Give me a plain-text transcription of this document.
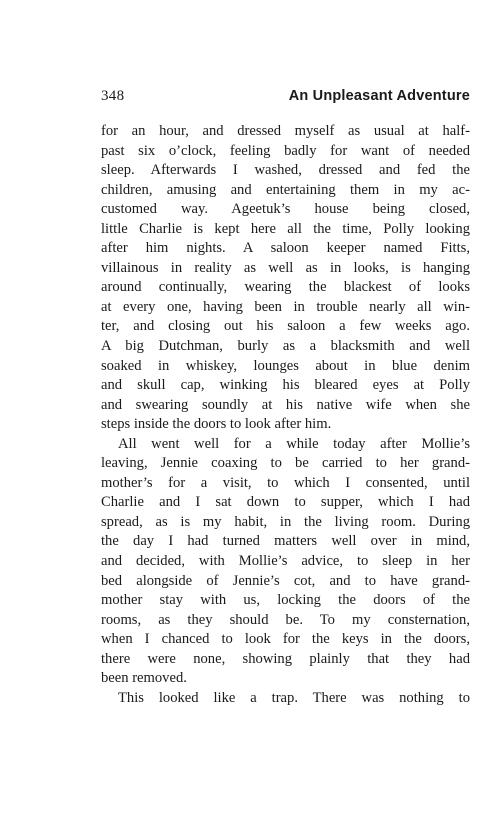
348	An Unpleasant Adventure
for an hour, and dressed myself as usual at half-
past six o’clock, feeling badly for want of needed
sleep. Afterwards I washed, dressed and fed the
children, amusing and entertaining them in my ac-
customed way. Ageetuk’s house being closed,
little Charlie is kept here all the time, Polly looking
after him nights. A saloon keeper named Fitts,
villainous in reality as well as in looks, is hanging
around continually, wearing the blackest of looks
at every one, having been in trouble nearly all win-
ter, and closing out his saloon a few weeks ago.
A big Dutchman, burly as a blacksmith and well
soaked in whiskey, lounges about in blue denim
and skull cap, winking his bleared eyes at Polly
and swearing soundly at his native wife when she
steps inside the doors to look after him.
All went well for a while today after Mollie’s
leaving, Jennie coaxing to be carried to her grand-
mother’s for a visit, to which I consented, until
Charlie and I sat down to supper, which I had
spread, as is my habit, in the living room. During
the day I had turned matters well over in mind,
and decided, with Mollie’s advice, to sleep in her
bed alongside of Jennie’s cot, and to have grand-
mother stay with us, locking the doors of the
rooms, as they should be. To my consternation,
when I chanced to look for the keys in the doors,
there were none, showing plainly that they had
been removed.
This looked like a trap. There was nothing to
